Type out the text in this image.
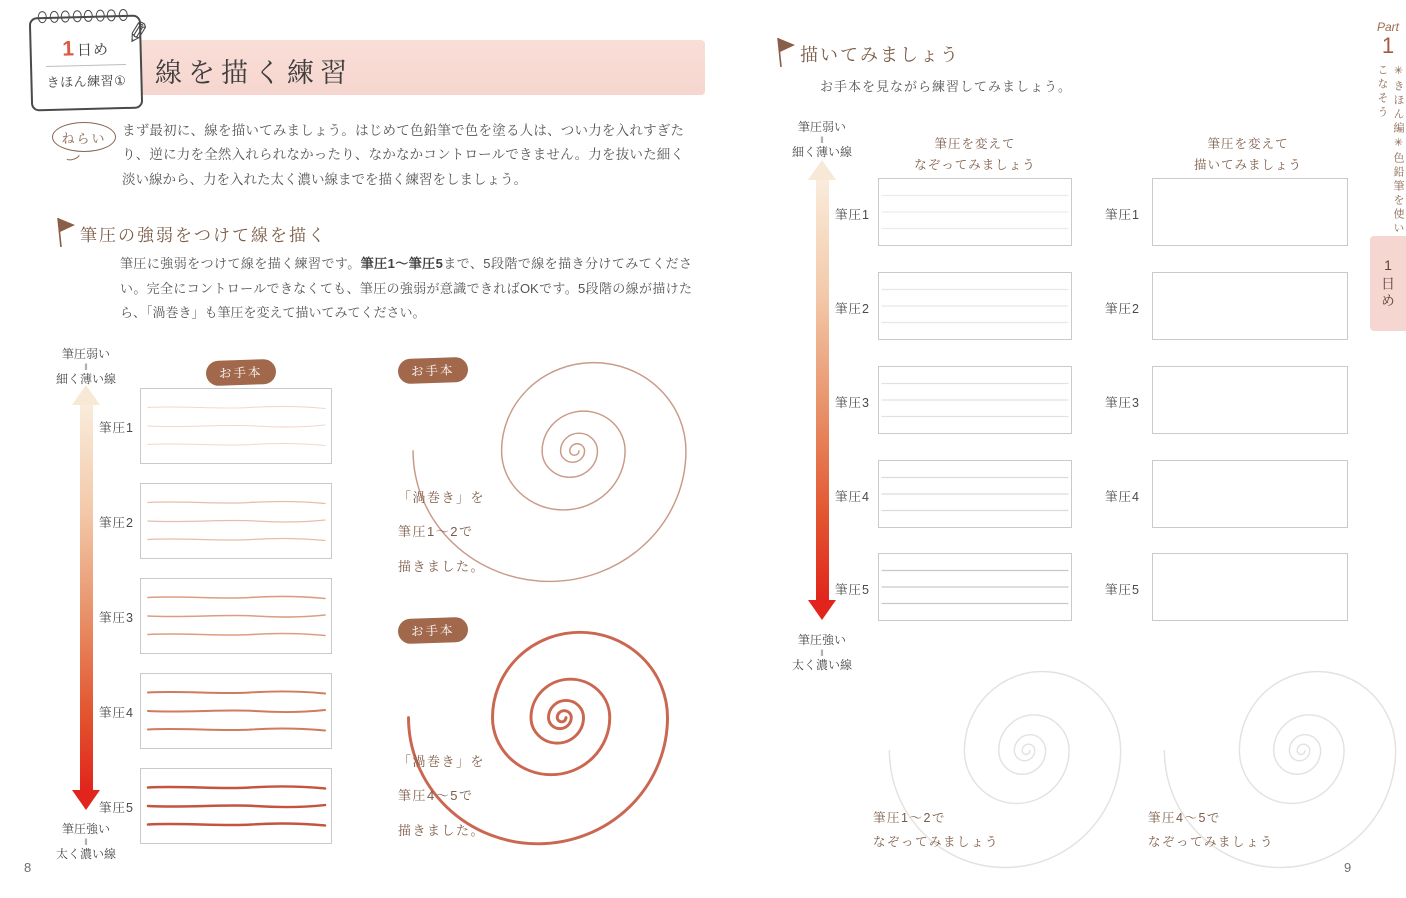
✎
1 日め
きほん練習① 線を描く練習
ねらい	まず最初に、線を描いてみましょう。はじめて色鉛筆で色を塗る人は、つい力を入れすぎたり、逆に力を全然入れられなかったり、なかなかコントロールできません。力を抜いた細く淡い線から、力を入れた太く濃い線までを描く練習をしましょう。
筆圧の強弱をつけて線を描く
筆圧に強弱をつけて線を描く練習です。筆圧1〜筆圧5まで、5段階で線を描き分けてみてください。完全にコントロールできなくても、筆圧の強弱が意識できればOKです。5段階の線が描けたら、「渦巻き」も筆圧を変えて描いてみてください。
筆圧弱い
‖
細く薄い線
筆圧強い
‖
太く濃い線
お手本
筆圧1
筆圧2
筆圧3
筆圧4
筆圧5
お手本
「渦巻き」を
筆圧1〜2で
描きました。
お手本
「渦巻き」を
筆圧4〜5で
描きました。
8
描いてみましょう
お手本を見ながら練習してみましょう。
筆圧弱い
‖
細く薄い線
筆圧強い
‖
太く濃い線
筆圧を変えて
なぞってみましょう
筆圧を変えて
描いてみましょう
筆圧1	筆圧1
筆圧2	筆圧2
筆圧3	筆圧3
筆圧4	筆圧4
筆圧5	筆圧5
筆圧1〜2で
なぞってみましょう
筆圧4〜5で
なぞってみましょう
9
Part
1
✳きほん編✳色鉛筆を使いこなそう
1日め
